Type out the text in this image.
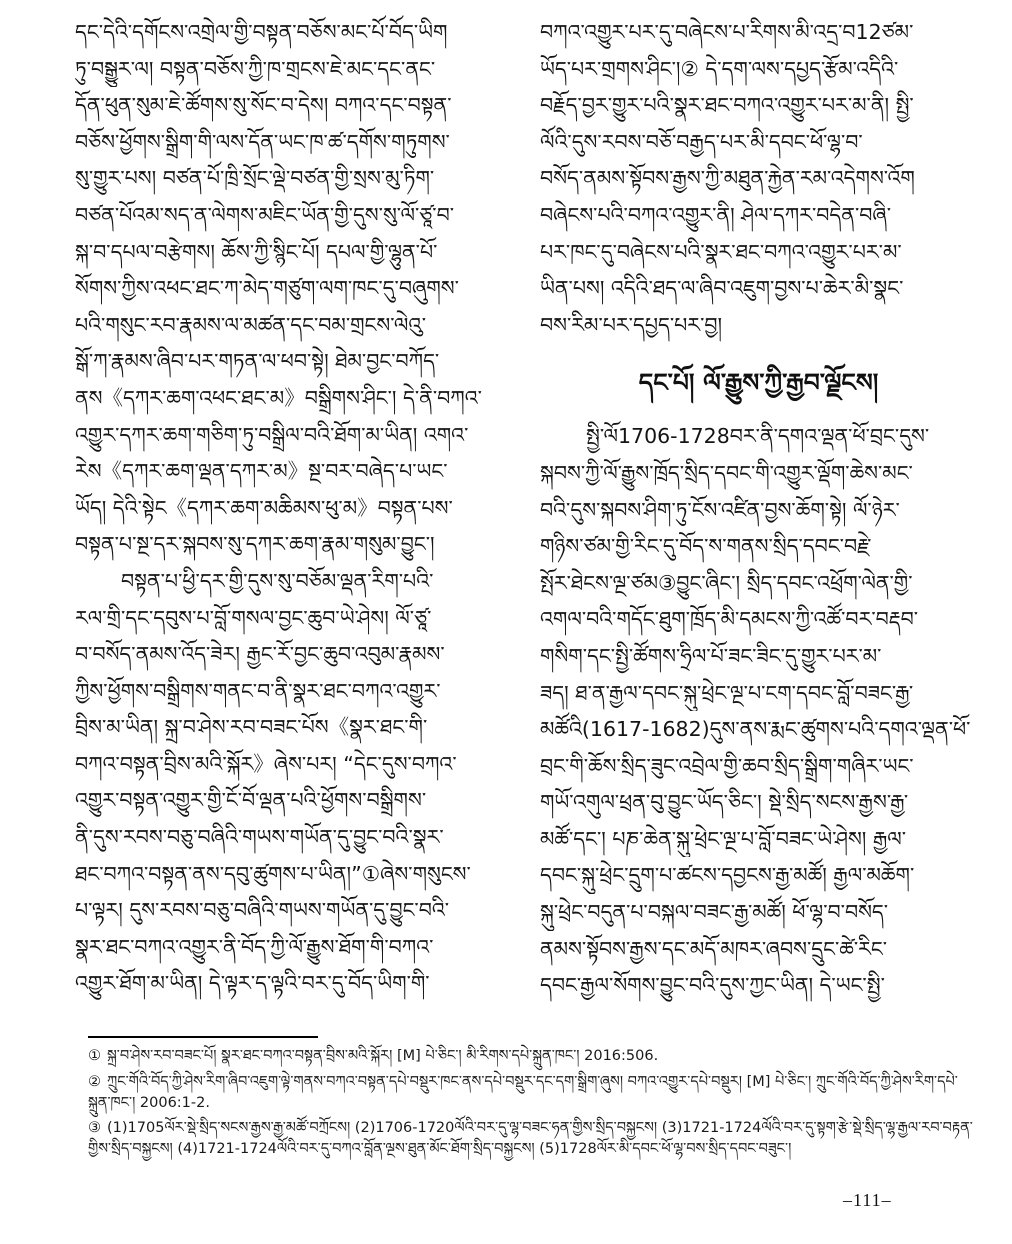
དང་དེའི་དགོངས་འགྲེལ་གྱི་བསྟན་བཅོས་མང་པོ་བོད་ཡིག
ཏུ་བསྒྱུར་ལ། བསྟན་བཅོས་ཀྱི་ཁ་གྲངས་ཇེ་མང་དང་ནང་
དོན་ཕུན་སུམ་ཇེ་ཚོགས་སུ་སོང་བ་དེས། བཀའ་དང་བསྟན་
བཅོས་ཕྱོགས་སྒྲིག་གི་ལས་དོན་ཡང་ཁ་ཚ་དགོས་གཏུགས་
སུ་གྱུར་པས། བཙན་པོ་ཁྲི་སྲོང་ལྡེ་བཙན་གྱི་སྲས་མུ་ཏིག་
བཙན་པོའམ་སད་ན་ལེགས་མཇིང་ཡོན་གྱི་དུས་སུ་ལོ་ཙཱ་བ་
སྐ་བ་དཔལ་བརྩེགས། ཆོས་ཀྱི་སྙིང་པོ། དཔལ་གྱི་ལྷུན་པོ་
སོགས་ཀྱིས་འཕང་ཐང་ཀ་མེད་གཙུག་ལག་ཁང་དུ་བཞུགས་
པའི་གསུང་རབ་རྣམས་ལ་མཚན་དང་བམ་གྲངས་ལེའུ་
སྒོ་ཀ་རྣམས་ཞིབ་པར་གཏན་ལ་ཕབ་སྟེ། ཐེམ་བྱང་བཀོད་
ནས《དཀར་ཆག་འཕང་ཐང་མ》བསྒྲིགས་ཤིང་། དེ་ནི་བཀའ་
འགྱུར་དཀར་ཆག་གཅིག་ཏུ་བསྒྲིལ་བའི་ཐོག་མ་ཡིན། འགའ་
རེས《དཀར་ཆག་ལྡན་དཀར་མ》སྔ་བར་བཞེད་པ་ཡང་
ཡོད། དེའི་སྟེང《དཀར་ཆག་མཆིམས་ཕུ་མ》བསྟན་པས་
བསྟན་པ་སྔ་དར་སྐབས་སུ་དཀར་ཆག་རྣམ་གསུམ་བྱུང་།
བསྟན་པ་ཕྱི་དར་གྱི་དུས་སུ་བཅོམ་ལྡན་རིག་པའི་
རལ་གྲི་དང་དབུས་པ་བློ་གསལ་བྱང་ཆུབ་ཡེ་ཤེས། ལོ་ཙཱ་
བ་བསོད་ནམས་འོད་ཟེར། རྒྱང་རོ་བྱང་ཆུབ་འབུམ་རྣམས་
ཀྱིས་ཕྱོགས་བསྒྲིགས་གནང་བ་ནི་སྣར་ཐང་བཀའ་འགྱུར་
བྲིས་མ་ཡིན། སྐྲ་བ་ཤེས་རབ་བཟང་པོས《སྣར་ཐང་གི་
བཀའ་བསྟན་བྲིས་མའི་སྐོར》ཞེས་པར། “དེང་དུས་བཀའ་
འགྱུར་བསྟན་འགྱུར་གྱི་ངོ་བོ་ལྡན་པའི་ཕྱོགས་བསྒྲིགས་
ནི་དུས་རབས་བཅུ་བཞིའི་གཡས་གཡོན་དུ་བྱུང་བའི་སྣར་
ཐང་བཀའ་བསྟན་ནས་དབུ་ཚུགས་པ་ཡིན།”①ཞེས་གསུངས་
པ་ལྟར། དུས་རབས་བཅུ་བཞིའི་གཡས་གཡོན་དུ་བྱུང་བའི་
སྣར་ཐང་བཀའ་འགྱུར་ནི་བོད་ཀྱི་ལོ་རྒྱུས་ཐོག་གི་བཀའ་
འགྱུར་ཐོག་མ་ཡིན། དེ་ལྟར་ད་ལྟའི་བར་དུ་བོད་ཡིག་གི་
བཀའ་འགྱུར་པར་དུ་བཞེངས་པ་རིགས་མི་འདྲ་བ12ཙམ་
ཡོད་པར་གྲགས་ཤིང་།② དེ་དག་ལས་དཔྱད་རྩོམ་འདིའི་
བརྗོད་བྱར་གྱུར་པའི་སྣར་ཐང་བཀའ་འགྱུར་པར་མ་ནི། སྤྱི་
ལོའི་དུས་རབས་བཅོ་བརྒྱད་པར་མི་དབང་ཕོ་ལྷ་བ་
བསོད་ནམས་སྟོབས་རྒྱས་ཀྱི་མཐུན་རྐྱེན་རམ་འདེགས་འོག
བཞེངས་པའི་བཀའ་འགྱུར་ནི། ཤེལ་དཀར་བདེན་བཞི་
པར་ཁང་དུ་བཞེངས་པའི་སྣར་ཐང་བཀའ་འགྱུར་པར་མ་
ཡིན་པས། འདིའི་ཐད་ལ་ཞིབ་འཇུག་བྱས་པ་ཆེར་མི་སྣང་
བས་རིམ་པར་དཔྱད་པར་བྱ།
དང་པོ། ལོ་རྒྱུས་ཀྱི་རྒྱབ་ལྗོངས།
སྤྱི་ལོ1706-1728བར་ནི་དགའ་ལྡན་ཕོ་བྲང་དུས་
སྐབས་ཀྱི་ལོ་རྒྱུས་ཁྲོད་སྲིད་དབང་གི་འགྱུར་ལྡོག་ཆེས་མང་
བའི་དུས་སྐབས་ཤིག་ཏུ་ངོས་འཛིན་བྱས་ཆོག་སྟེ། ལོ་ཉེར་
གཉིས་ཙམ་གྱི་རིང་དུ་བོད་ས་གནས་སྲིད་དབང་བརྗེ་
སྤོར་ཐེངས་ལྔ་ཙམ③བྱུང་ཞིང་། སྲིད་དབང་འཕྲོག་ལེན་གྱི་
འགལ་བའི་གདོང་ཐུག་ཁྲོད་མི་དམངས་ཀྱི་འཚོ་བར་བརྡབ་
གསིག་དང་སྤྱི་ཚོགས་ཧྲིལ་པོ་ཟང་ཟིང་དུ་གྱུར་པར་མ་
ཟད། ཐ་ན་རྒྱལ་དབང་སྐུ་ཕྲེང་ལྔ་པ་ངག་དབང་བློ་བཟང་རྒྱ་
མཚོའི(1617-1682)དུས་ནས་རྨང་ཚུགས་པའི་དགའ་ལྡན་ཕོ་
བྲང་གི་ཆོས་སྲིད་ཟུང་འབྲེལ་གྱི་ཆབ་སྲིད་སྒྲིག་གཞིར་ཡང་
གཡོ་འགུལ་ཕྲན་བུ་བྱུང་ཡོད་ཅིང་། སྡེ་སྲིད་སངས་རྒྱས་རྒྱ་
མཚོ་དང་། པཎ་ཆེན་སྐུ་ཕྲེང་ལྔ་པ་བློ་བཟང་ཡེ་ཤེས། རྒྱལ་
དབང་སྐུ་ཕྲེང་དྲུག་པ་ཚངས་དབྱངས་རྒྱ་མཚོ། རྒྱལ་མཆོག་
སྐུ་ཕྲེང་བདུན་པ་བསྐལ་བཟང་རྒྱ་མཚོ། ཕོ་ལྷ་བ་བསོད་
ནམས་སྟོབས་རྒྱས་དང་མདོ་མཁར་ཞབས་དྲུང་ཚེ་རིང་
དབང་རྒྱལ་སོགས་བྱུང་བའི་དུས་ཀྱང་ཡིན། དེ་ཡང་སྤྱི་

① སྐྲ་བ་ཤེས་རབ་བཟང་པོ། སྣར་ཐང་བཀའ་བསྟན་བྲིས་མའི་སྐོར། [M] པེ་ཅིང་། མི་རིགས་དཔེ་སྐྲུན་ཁང་། 2016:506.

② ཀྲུང་གོའི་བོད་ཀྱི་ཤེས་རིག་ཞིབ་འཇུག་ལྟེ་གནས་བཀའ་བསྟན་དཔེ་བསྡུར་ཁང་ནས་དཔེ་བསྡུར་དང་དག་སྒྲིག་ཞུས། བཀའ་འགྱུར་དཔེ་བསྡུར། [M] པེ་ཅིང་། ཀྲུང་གོའི་བོད་ཀྱི་ཤེས་རིག་དཔེ་སྐྲུན་ཁང་། 2006:1-2.

③ (1)1705ལོར་སྡེ་སྲིད་སངས་རྒྱས་རྒྱ་མཚོ་བཀྲོངས། (2)1706-1720ལོའི་བར་དུ་ལྷ་བཟང་ཧན་གྱིས་སྲིད་བསྐྱངས། (3)1721-1724ལོའི་བར་དུ་སྟག་རྩེ་སྡེ་སྲིད་ལྷ་རྒྱལ་རབ་བརྟན་གྱིས་སྲིད་བསྐྱངས། (4)1721-1724ལོའི་བར་དུ་བཀའ་བློན་ལྔས་ཐུན་མོང་ཐོག་སྲིད་བསྐྱངས། (5)1728ལོར་མི་དབང་ཕོ་ལྷ་བས་སྲིད་དབང་བཟུང་།

–111–
